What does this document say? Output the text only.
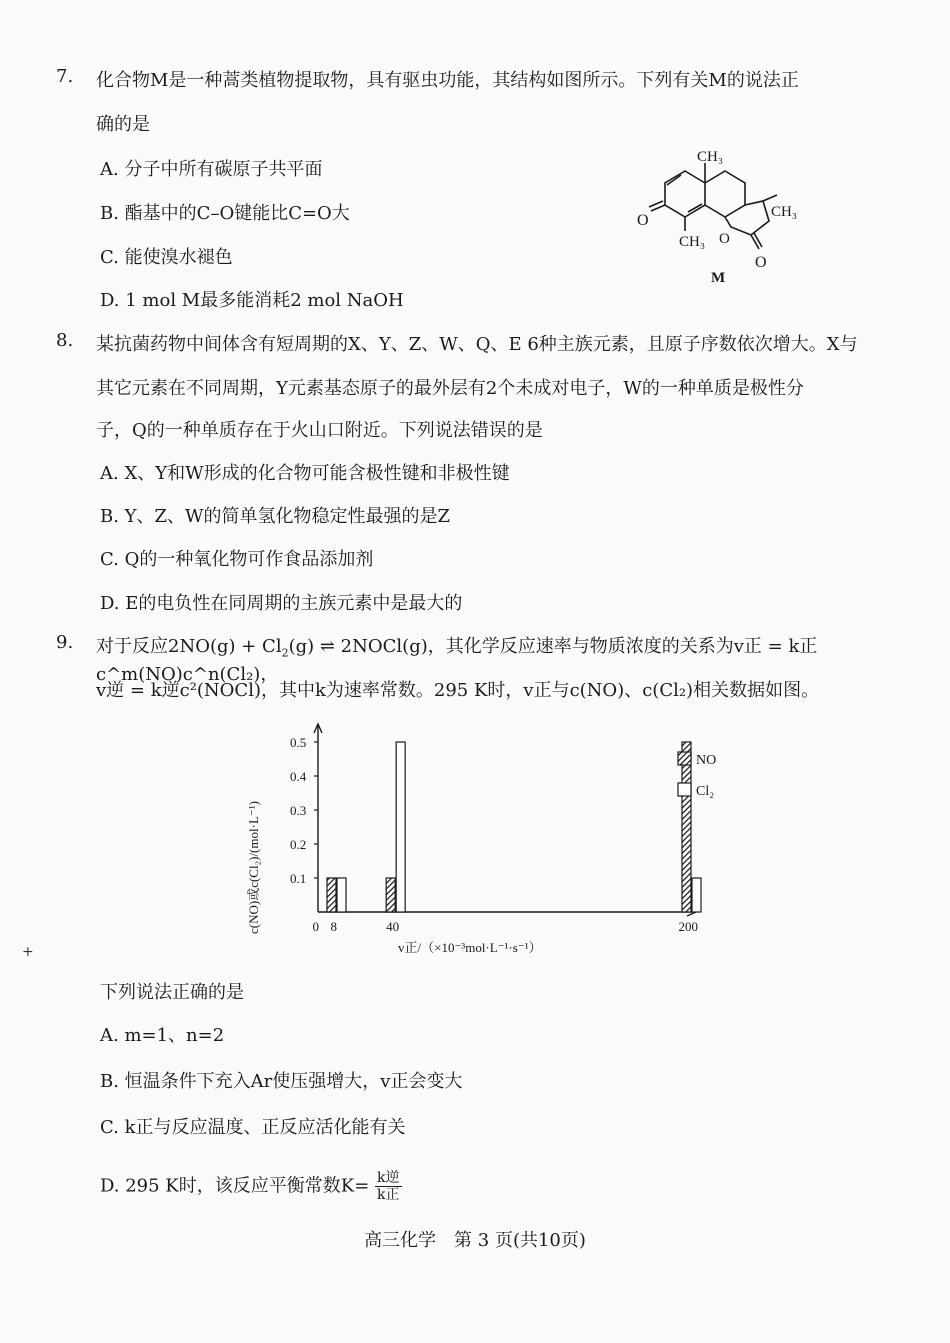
7. 化合物M是一种蒿类植物提取物，具有驱虫功能，其结构如图所示。下列有关M的说法正
确的是
A. 分子中所有碳原子共平面
B. 酯基中的C–O键能比C=O大
C. 能使溴水褪色
D. 1 mol M最多能消耗2 mol NaOH
CH₃
CH₃
CH₃
O
O
O
M
8. 某抗菌药物中间体含有短周期的X、Y、Z、W、Q、E 6种主族元素，且原子序数依次增大。X与
其它元素在不同周期，Y元素基态原子的最外层有2个未成对电子，W的一种单质是极性分
子，Q的一种单质存在于火山口附近。下列说法错误的是
A. X、Y和W形成的化合物可能含极性键和非极性键
B. Y、Z、W的简单氢化物稳定性最强的是Z
C. Q的一种氧化物可作食品添加剂
D. E的电负性在同周期的主族元素中是最大的
9. 对于反应$2NO(g) + Cl_2(g)$ ⇌ 2NOCl(g)，其化学反应速率与物质浓度的关系为v正 = k正c^m(NO)c^n(Cl₂)，
v逆 = k逆c²(NOCl)，其中k为速率常数。295 K时，v正与c(NO)、c(Cl₂)相关数据如图。
0.1
0.2
0.3
0.4
0.5
0 8	40	200
NO
Cl₂
c(NO)或c(Cl₂)/(mol·L⁻¹)
v正/（×10⁻³mol·L⁻¹·s⁻¹）
下列说法正确的是
A. m=1、n=2
B. 恒温条件下充入Ar使压强增大，v正会变大
C. k正与反应温度、正反应活化能有关
D. 295 K时，该反应平衡常数K= k逆
k正
+
高三化学　第 3 页(共10页)
